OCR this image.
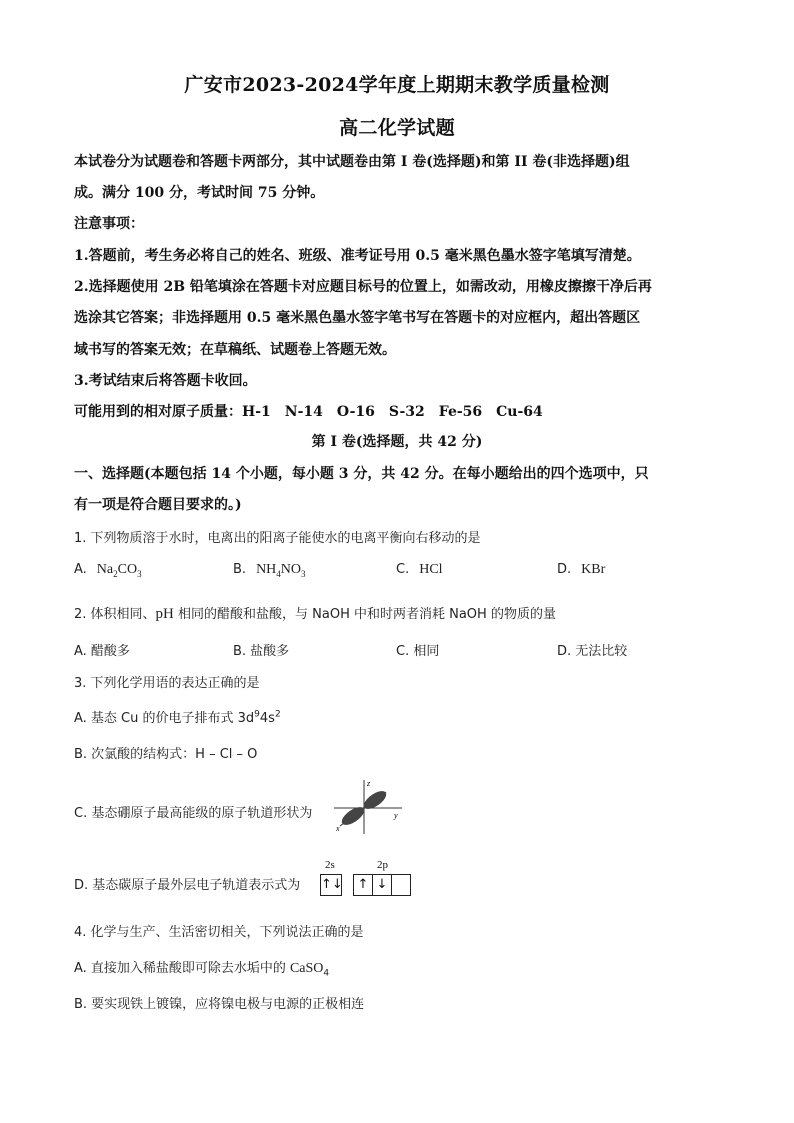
广安市2023-2024学年度上期期末教学质量检测
高二化学试题
本试卷分为试题卷和答题卡两部分，其中试题卷由第 I 卷(选择题)和第 II 卷(非选择题)组
成。满分 100 分，考试时间 75 分钟。
注意事项：
1.答题前，考生务必将自己的姓名、班级、准考证号用 0.5 毫米黑色墨水签字笔填写清楚。
2.选择题使用 2B 铅笔填涂在答题卡对应题目标号的位置上，如需改动，用橡皮擦擦干净后再
选涂其它答案；非选择题用 0.5 毫米黑色墨水签字笔书写在答题卡的对应框内，超出答题区
域书写的答案无效；在草稿纸、试题卷上答题无效。
3.考试结束后将答题卡收回。
可能用到的相对原子质量：H-1　N-14　O-16　S-32　Fe-56　Cu-64
第 I 卷(选择题，共 42 分)
一、选择题(本题包括 14 个小题，每小题 3 分，共 42 分。在每小题给出的四个选项中，只
有一项是符合题目要求的。)
1. 下列物质溶于水时，电离出的阳离子能使水的电离平衡向右移动的是
A. $Na_2CO_3$	B. $NH_4NO_3$	C. HCl	D. KBr
2. 体积相同、pH 相同的醋酸和盐酸，与 NaOH 中和时两者消耗 NaOH 的物质的量
A. 醋酸多	B. 盐酸多	C. 相同	D. 无法比较
3. 下列化学用语的表达正确的是
A. 基态 Cu 的价电子排布式 $3d^94s^2$
B. 次氯酸的结构式：H – Cl – O
C. 基态硼原子最高能级的原子轨道形状为
z
x
y
D. 基态碳原子最外层电子轨道表示式为
2s	2p
↑↓	↑ ↓
4. 化学与生产、生活密切相关，下列说法正确的是
A. 直接加入稀盐酸即可除去水垢中的 CaSO$_4$
B. 要实现铁上镀镍，应将镍电极与电源的正极相连
